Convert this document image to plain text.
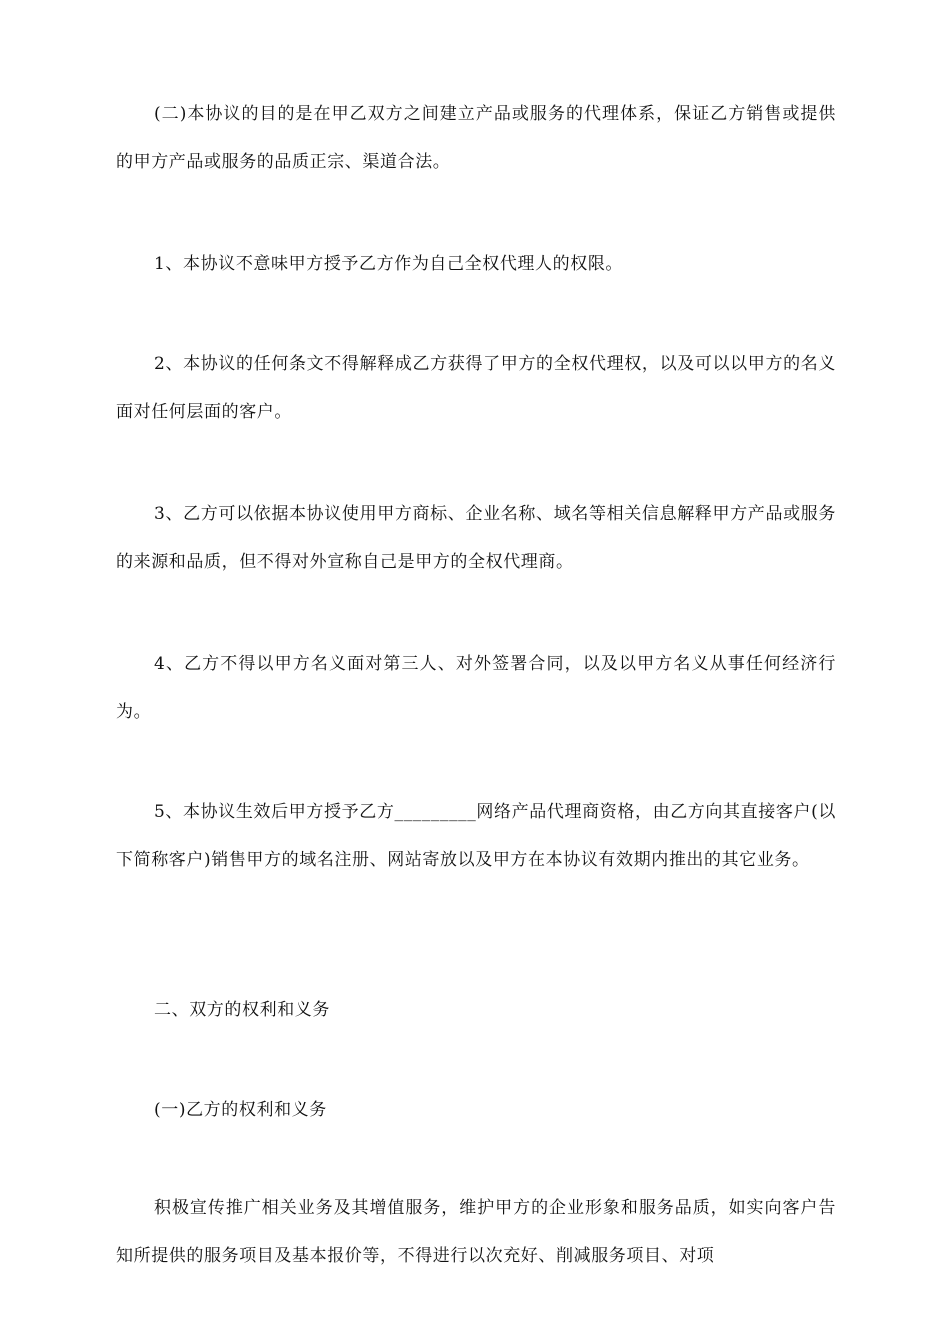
(二)本协议的目的是在甲乙双方之间建立产品或服务的代理体系，保证乙方销售或提供的甲方产品或服务的品质正宗、渠道合法。

1、本协议不意味甲方授予乙方作为自己全权代理人的权限。

2、本协议的任何条文不得解释成乙方获得了甲方的全权代理权，以及可以以甲方的名义面对任何层面的客户。

3、乙方可以依据本协议使用甲方商标、企业名称、域名等相关信息解释甲方产品或服务的来源和品质，但不得对外宣称自己是甲方的全权代理商。

4、乙方不得以甲方名义面对第三人、对外签署合同，以及以甲方名义从事任何经济行为。

5、本协议生效后甲方授予乙方_________网络产品代理商资格，由乙方向其直接客户(以下简称客户)销售甲方的域名注册、网站寄放以及甲方在本协议有效期内推出的其它业务。

二、双方的权利和义务

(一)乙方的权利和义务

积极宣传推广相关业务及其增值服务，维护甲方的企业形象和服务品质，如实向客户告知所提供的服务项目及基本报价等，不得进行以次充好、削减服务项目、对项
